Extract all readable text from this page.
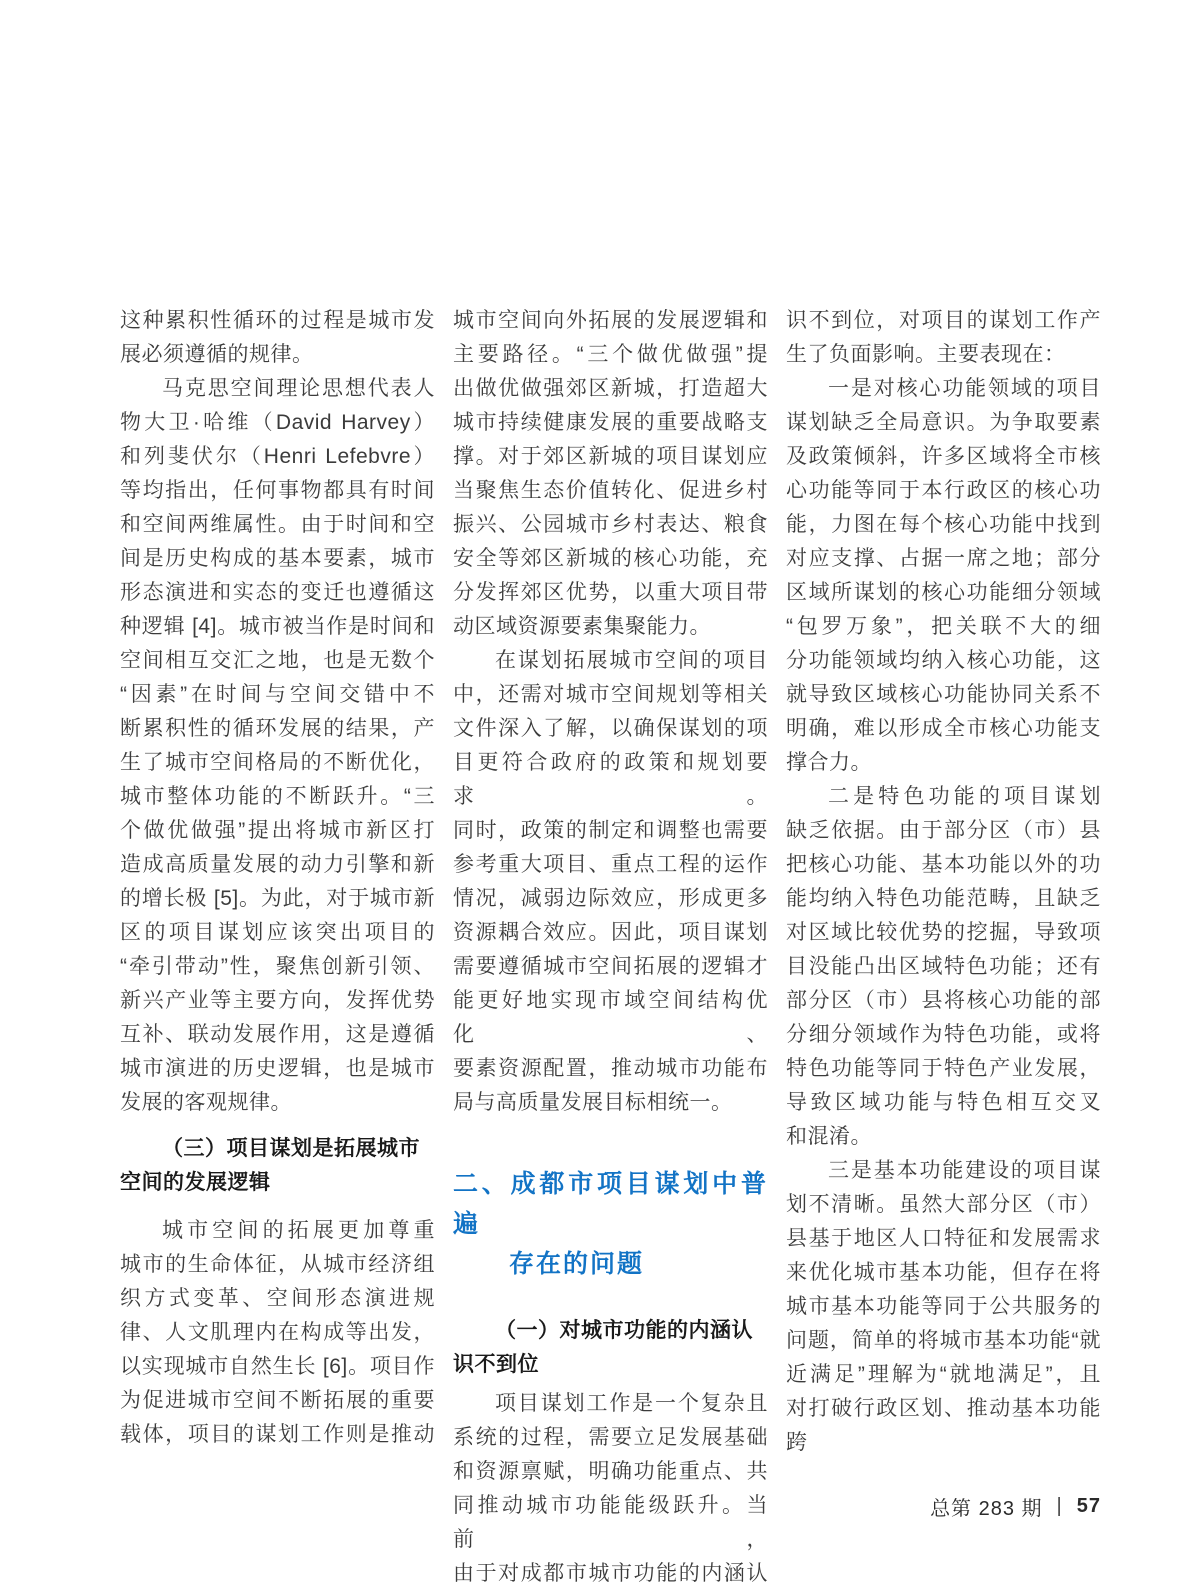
这种累积性循环的过程是城市发
展必须遵循的规律。
马克思空间理论思想代表人
物大卫·哈维（David Harvey）
和列斐伏尔（Henri Lefebvre）
等均指出，任何事物都具有时间
和空间两维属性。由于时间和空
间是历史构成的基本要素，城市
形态演进和实态的变迁也遵循这
种逻辑 [4]。城市被当作是时间和
空间相互交汇之地，也是无数个
“因素”在时间与空间交错中不
断累积性的循环发展的结果，产
生了城市空间格局的不断优化，
城市整体功能的不断跃升。“三
个做优做强”提出将城市新区打
造成高质量发展的动力引擎和新
的增长极 [5]。为此，对于城市新
区的项目谋划应该突出项目的
“牵引带动”性，聚焦创新引领、
新兴产业等主要方向，发挥优势
互补、联动发展作用，这是遵循
城市演进的历史逻辑，也是城市
发展的客观规律。
（三）项目谋划是拓展城市
空间的发展逻辑
城市空间的拓展更加尊重
城市的生命体征，从城市经济组
织方式变革、空间形态演进规
律、人文肌理内在构成等出发，
以实现城市自然生长 [6]。项目作
为促进城市空间不断拓展的重要
载体，项目的谋划工作则是推动
城市空间向外拓展的发展逻辑和
主要路径。“三个做优做强”提
出做优做强郊区新城，打造超大
城市持续健康发展的重要战略支
撑。对于郊区新城的项目谋划应
当聚焦生态价值转化、促进乡村
振兴、公园城市乡村表达、粮食
安全等郊区新城的核心功能，充
分发挥郊区优势，以重大项目带
动区域资源要素集聚能力。
在谋划拓展城市空间的项目
中，还需对城市空间规划等相关
文件深入了解，以确保谋划的项
目更符合政府的政策和规划要求。
同时，政策的制定和调整也需要
参考重大项目、重点工程的运作
情况，减弱边际效应，形成更多
资源耦合效应。因此，项目谋划
需要遵循城市空间拓展的逻辑才
能更好地实现市域空间结构优化、
要素资源配置，推动城市功能布
局与高质量发展目标相统一。
二、成都市项目谋划中普遍
存在的问题
（一）对城市功能的内涵认
识不到位
项目谋划工作是一个复杂且
系统的过程，需要立足发展基础
和资源禀赋，明确功能重点、共
同推动城市功能能级跃升。当前，
由于对成都市城市功能的内涵认
识不到位，对项目的谋划工作产
生了负面影响。主要表现在：
一是对核心功能领域的项目
谋划缺乏全局意识。为争取要素
及政策倾斜，许多区域将全市核
心功能等同于本行政区的核心功
能，力图在每个核心功能中找到
对应支撑、占据一席之地；部分
区域所谋划的核心功能细分领域
“包罗万象”，把关联不大的细
分功能领域均纳入核心功能，这
就导致区域核心功能协同关系不
明确，难以形成全市核心功能支
撑合力。
二是特色功能的项目谋划
缺乏依据。由于部分区（市）县
把核心功能、基本功能以外的功
能均纳入特色功能范畴，且缺乏
对区域比较优势的挖掘，导致项
目没能凸出区域特色功能；还有
部分区（市）县将核心功能的部
分细分领域作为特色功能，或将
特色功能等同于特色产业发展，
导致区域功能与特色相互交叉
和混淆。
三是基本功能建设的项目谋
划不清晰。虽然大部分区（市）
县基于地区人口特征和发展需求
来优化城市基本功能，但存在将
城市基本功能等同于公共服务的
问题，简单的将城市基本功能“就
近满足”理解为“就地满足”，且
对打破行政区划、推动基本功能跨
总第 283 期 | 57
